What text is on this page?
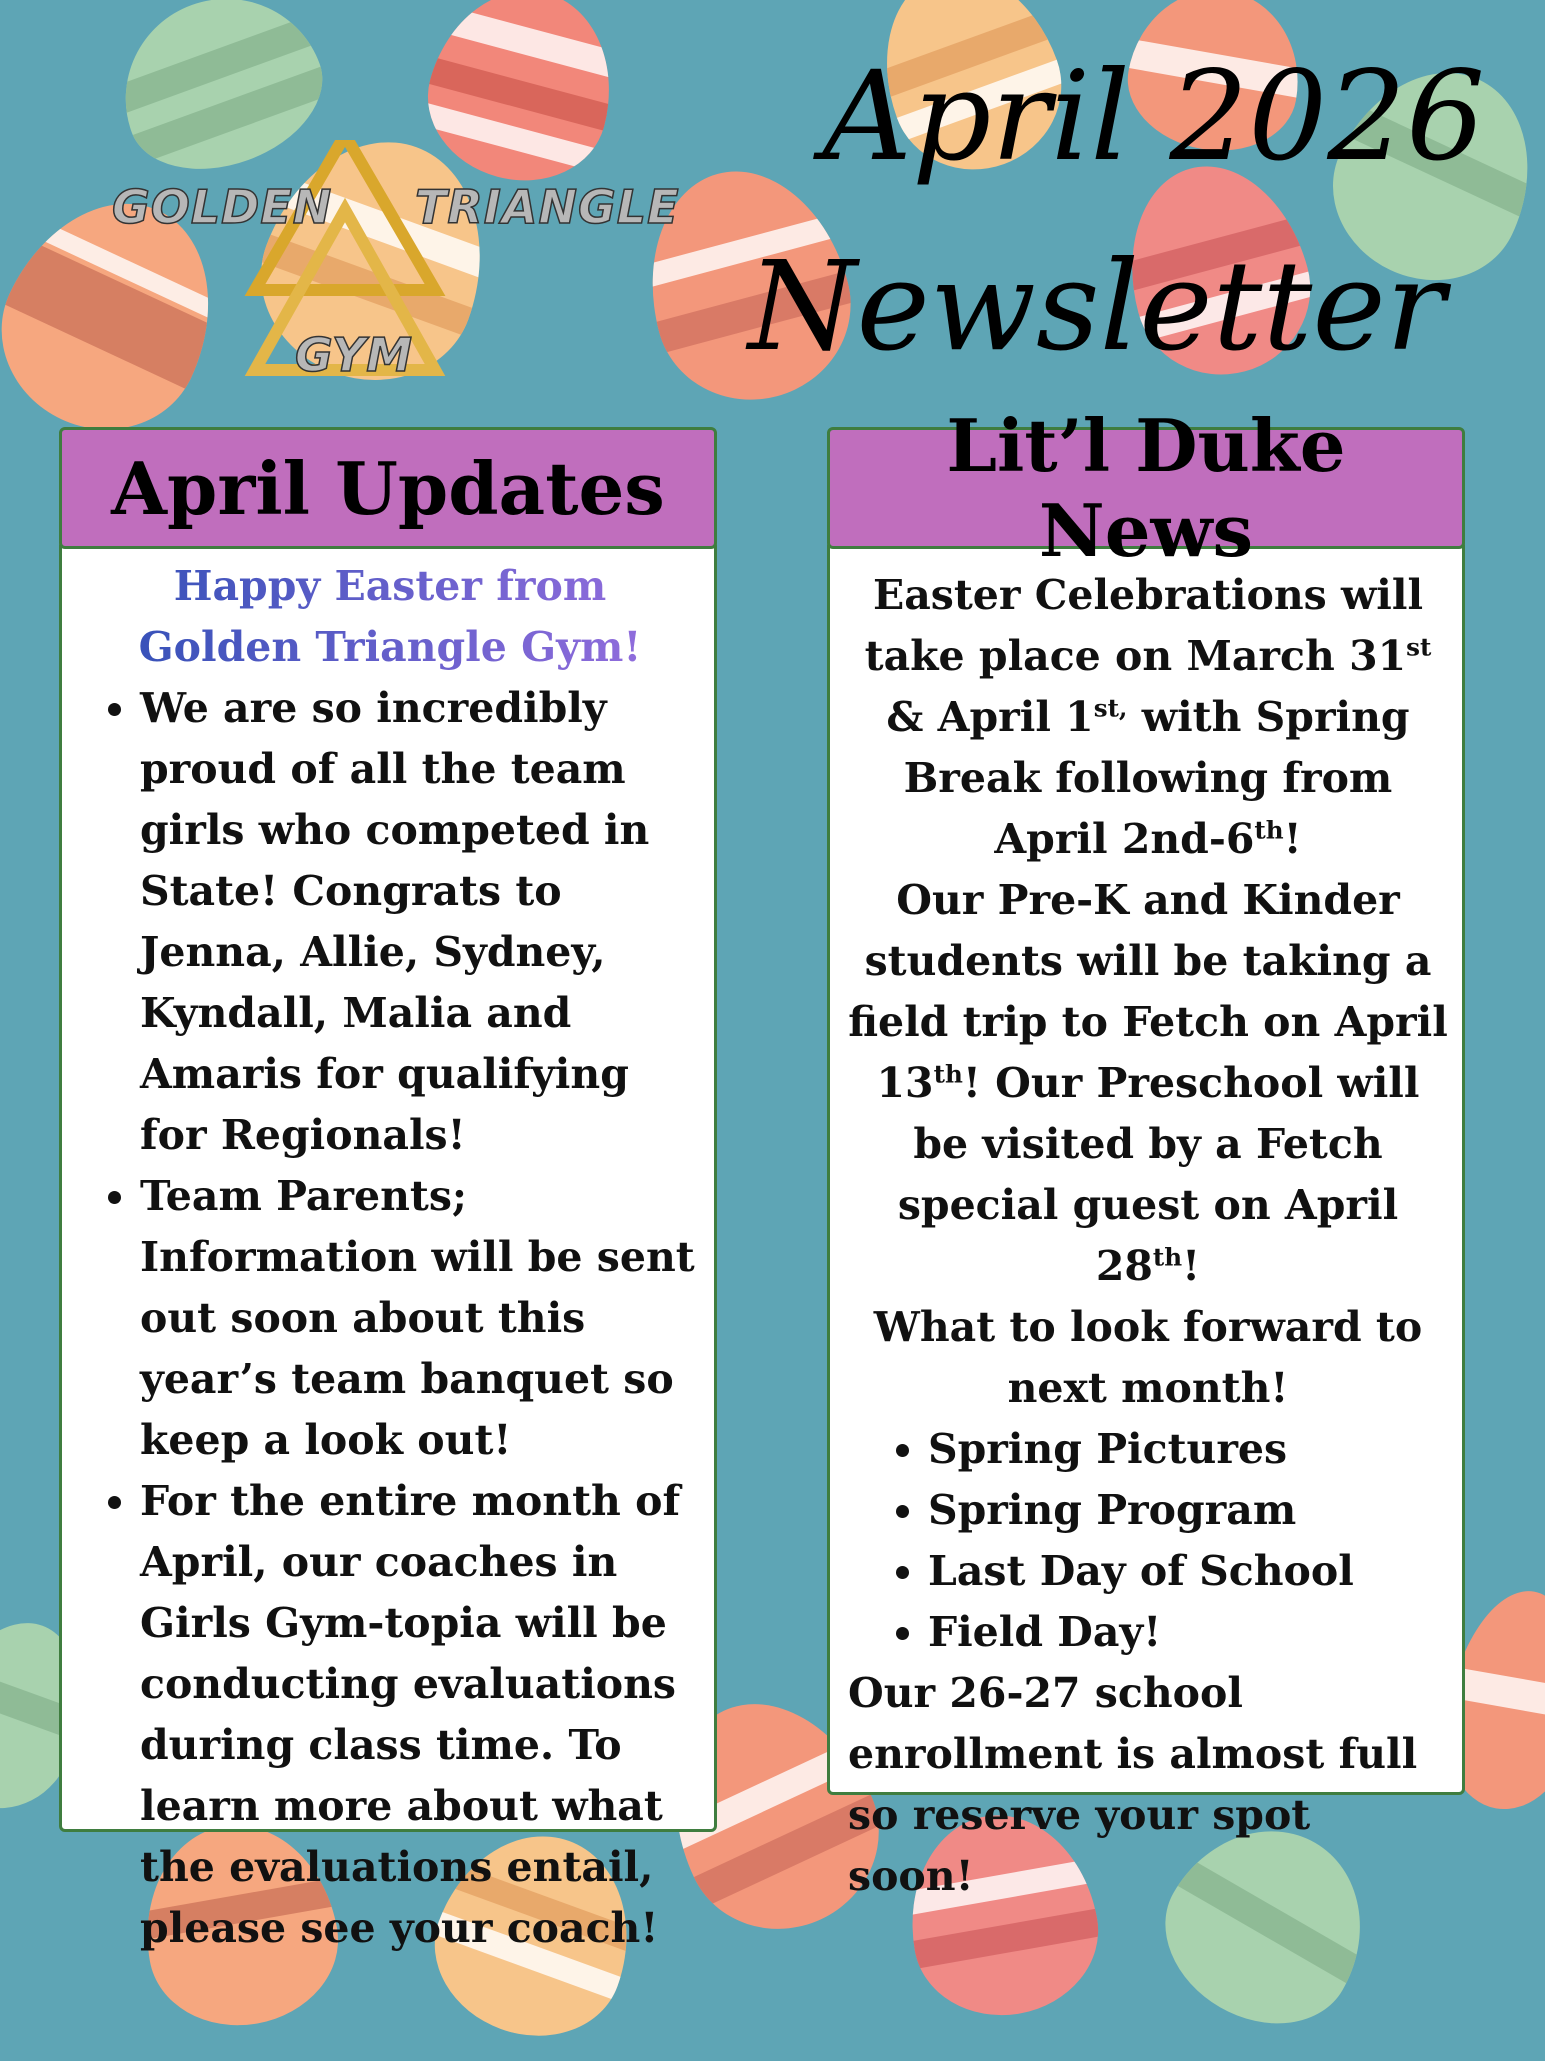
GOLDEN TRIANGLE
GYM
April 2026
Newsletter
April Updates
Happy Easter from Golden Triangle Gym!
• We are so incredibly proud of all the team girls who competed in State! Congrats to Jenna, Allie, Sydney, Kyndall, Malia and Amaris for qualifying for Regionals!
• Team Parents; Information will be sent out soon about this year’s team banquet so keep a look out!
• For the entire month of April, our coaches in Girls Gym-topia will be conducting evaluations during class time. To learn more about what the evaluations entail, please see your coach!
Lit’l Duke News
Easter Celebrations will take place on March 31st & April $1^{st,}$ with Spring Break following from April 2nd-6th!
Our Pre-K and Kinder students will be taking a field trip to Fetch on April 13th! Our Preschool will be visited by a Fetch special guest on April 28th!
What to look forward to next month!
• Spring Pictures
• Spring Program
• Last Day of School
• Field Day!
Our 26-27 school enrollment is almost full so reserve your spot soon!
